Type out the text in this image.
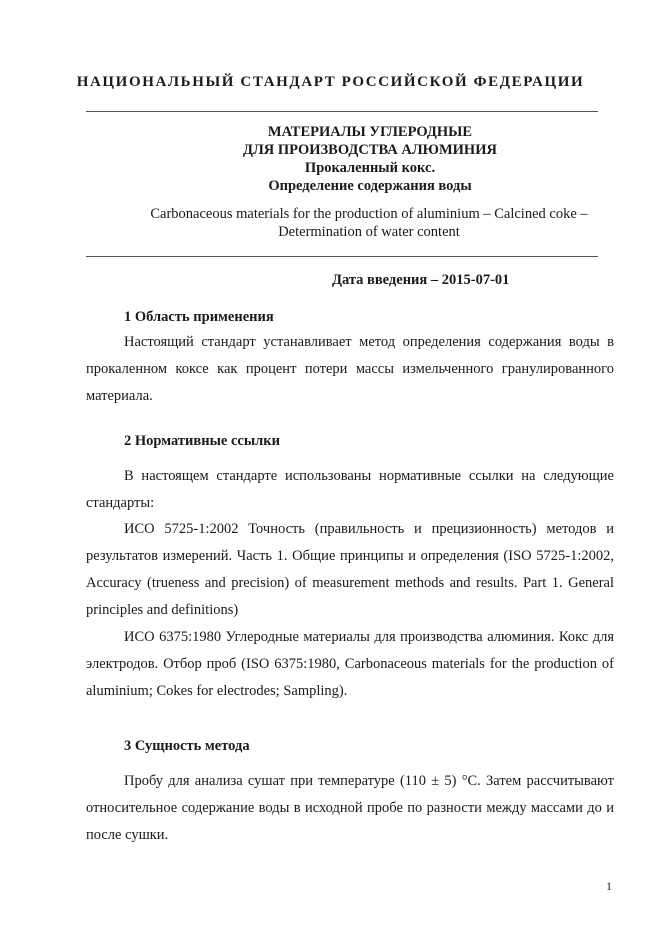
НАЦИОНАЛЬНЫЙ СТАНДАРТ РОССИЙСКОЙ ФЕДЕРАЦИИ
МАТЕРИАЛЫ УГЛЕРОДНЫЕ
ДЛЯ ПРОИЗВОДСТВА АЛЮМИНИЯ
Прокаленный кокс.
Определение содержания воды
Carbonaceous materials for the production of aluminium – Calcined coke –
Determination of water content
Дата введения – 2015-07-01
1 Область применения

Настоящий стандарт устанавливает метод определения содержания воды в прокаленном коксе как процент потери массы измельченного гранулированного материала.

2 Нормативные ссылки

В настоящем стандарте использованы нормативные ссылки на следующие стандарты:

ИСО 5725-1:2002 Точность (правильность и прецизионность) методов и результатов измерений. Часть 1. Общие принципы и определения (ISO 5725-1:2002, Accuracy (trueness and precision) of measurement methods and results. Part 1. General principles and definitions)

ИСО 6375:1980 Углеродные материалы для производства алюминия. Кокс для электродов. Отбор проб (ISO 6375:1980, Carbonaceous materials for the production of aluminium; Cokes for electrodes; Sampling).

3 Сущность метода

Пробу для анализа сушат при температуре (110 ± 5) °С. Затем рассчитывают относительное содержание воды в исходной пробе по разности между массами до и после сушки.

1
